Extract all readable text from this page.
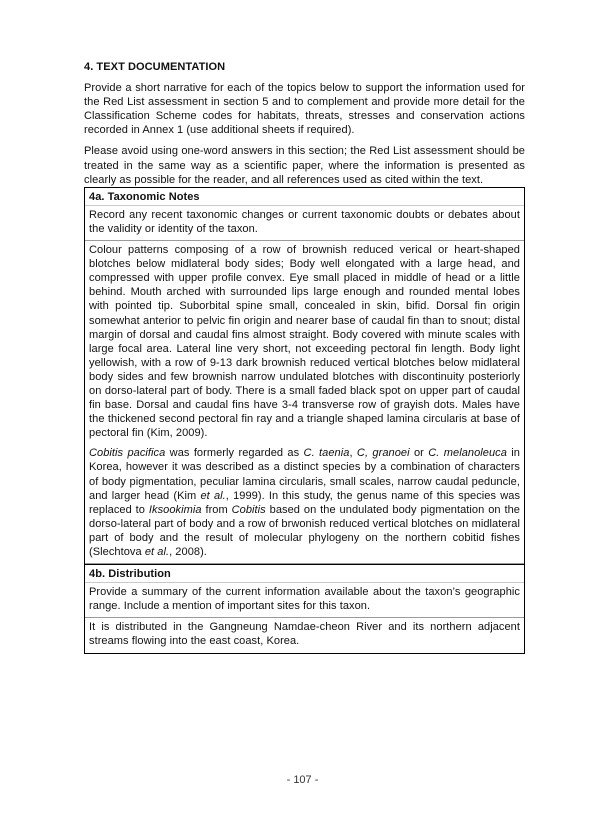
4. TEXT DOCUMENTATION

Provide a short narrative for each of the topics below to support the information used for the Red List assessment in section 5 and to complement and provide more detail for the Classification Scheme codes for habitats, threats, stresses and conservation actions recorded in Annex 1 (use additional sheets if required).

Please avoid using one-word answers in this section; the Red List assessment should be treated in the same way as a scientific paper, where the information is presented as clearly as possible for the reader, and all references used as cited within the text.

4a. Taxonomic Notes

Record any recent taxonomic changes or current taxonomic doubts or debates about the validity or identity of the taxon.

Colour patterns composing of a row of brownish reduced verical or heart-shaped blotches below midlateral body sides; Body well elongated with a large head, and compressed with upper profile convex. Eye small placed in middle of head or a little behind. Mouth arched with surrounded lips large enough and rounded mental lobes with pointed tip. Suborbital spine small, concealed in skin, bifid. Dorsal fin origin somewhat anterior to pelvic fin origin and nearer base of caudal fin than to snout; distal margin of dorsal and caudal fins almost straight. Body covered with minute scales with large focal area. Lateral line very short, not exceeding pectoral fin length. Body light yellowish, with a row of 9-13 dark brownish reduced vertical blotches below midlateral body sides and few brownish narrow undulated blotches with discontinuity posteriorly on dorso-lateral part of body. There is a small faded black spot on upper part of caudal fin base. Dorsal and caudal fins have 3-4 transverse row of grayish dots. Males have the thickened second pectoral fin ray and a triangle shaped lamina circularis at base of pectoral fin (Kim, 2009).

Cobitis pacifica was formerly regarded as C. taenia, C, granoei or C. melanoleuca in Korea, however it was described as a distinct species by a combination of characters of body pigmentation, peculiar lamina circularis, small scales, narrow caudal peduncle, and larger head (Kim et al., 1999). In this study, the genus name of this species was replaced to Iksookimia from Cobitis based on the undulated body pigmentation on the dorso-lateral part of body and a row of brwonish reduced vertical blotches on midlateral part of body and the result of molecular phylogeny on the northern cobitid fishes (Slechtova et al., 2008).

4b. Distribution

Provide a summary of the current information available about the taxon’s geographic range. Include a mention of important sites for this taxon.

It is distributed in the Gangneung Namdae-cheon River and its northern adjacent streams flowing into the east coast, Korea.

- 107 -
